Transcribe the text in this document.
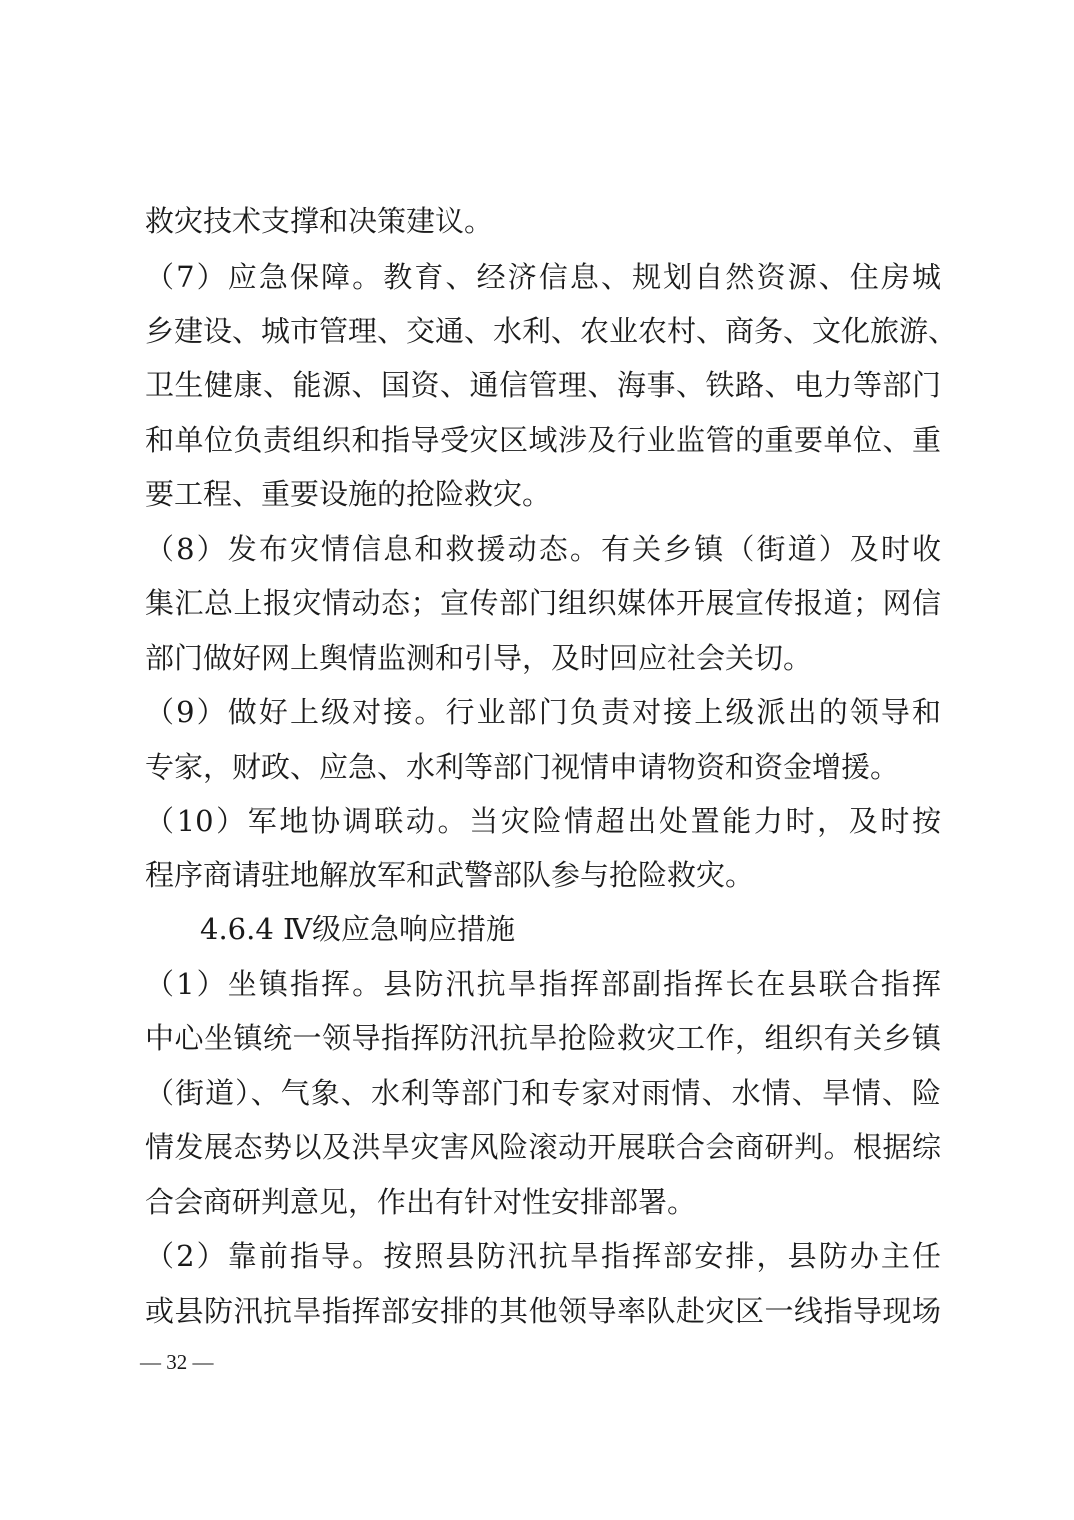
救灾技术支撑和决策建议。
（7）应急保障。教育、经济信息、规划自然资源、住房城
乡建设、城市管理、交通、水利、农业农村、商务、文化旅游、
卫生健康、能源、国资、通信管理、海事、铁路、电力等部门
和单位负责组织和指导受灾区域涉及行业监管的重要单位、重
要工程、重要设施的抢险救灾。
（8）发布灾情信息和救援动态。有关乡镇（街道）及时收
集汇总上报灾情动态；宣传部门组织媒体开展宣传报道；网信
部门做好网上舆情监测和引导，及时回应社会关切。
（9）做好上级对接。行业部门负责对接上级派出的领导和
专家，财政、应急、水利等部门视情申请物资和资金增援。
（10）军地协调联动。当灾险情超出处置能力时，及时按
程序商请驻地解放军和武警部队参与抢险救灾。
4.6.4 Ⅳ级应急响应措施
（1）坐镇指挥。县防汛抗旱指挥部副指挥长在县联合指挥
中心坐镇统一领导指挥防汛抗旱抢险救灾工作，组织有关乡镇
（街道）、气象、水利等部门和专家对雨情、水情、旱情、险
情发展态势以及洪旱灾害风险滚动开展联合会商研判。根据综
合会商研判意见，作出有针对性安排部署。
（2）靠前指导。按照县防汛抗旱指挥部安排，县防办主任
或县防汛抗旱指挥部安排的其他领导率队赴灾区一线指导现场
— 32 —
